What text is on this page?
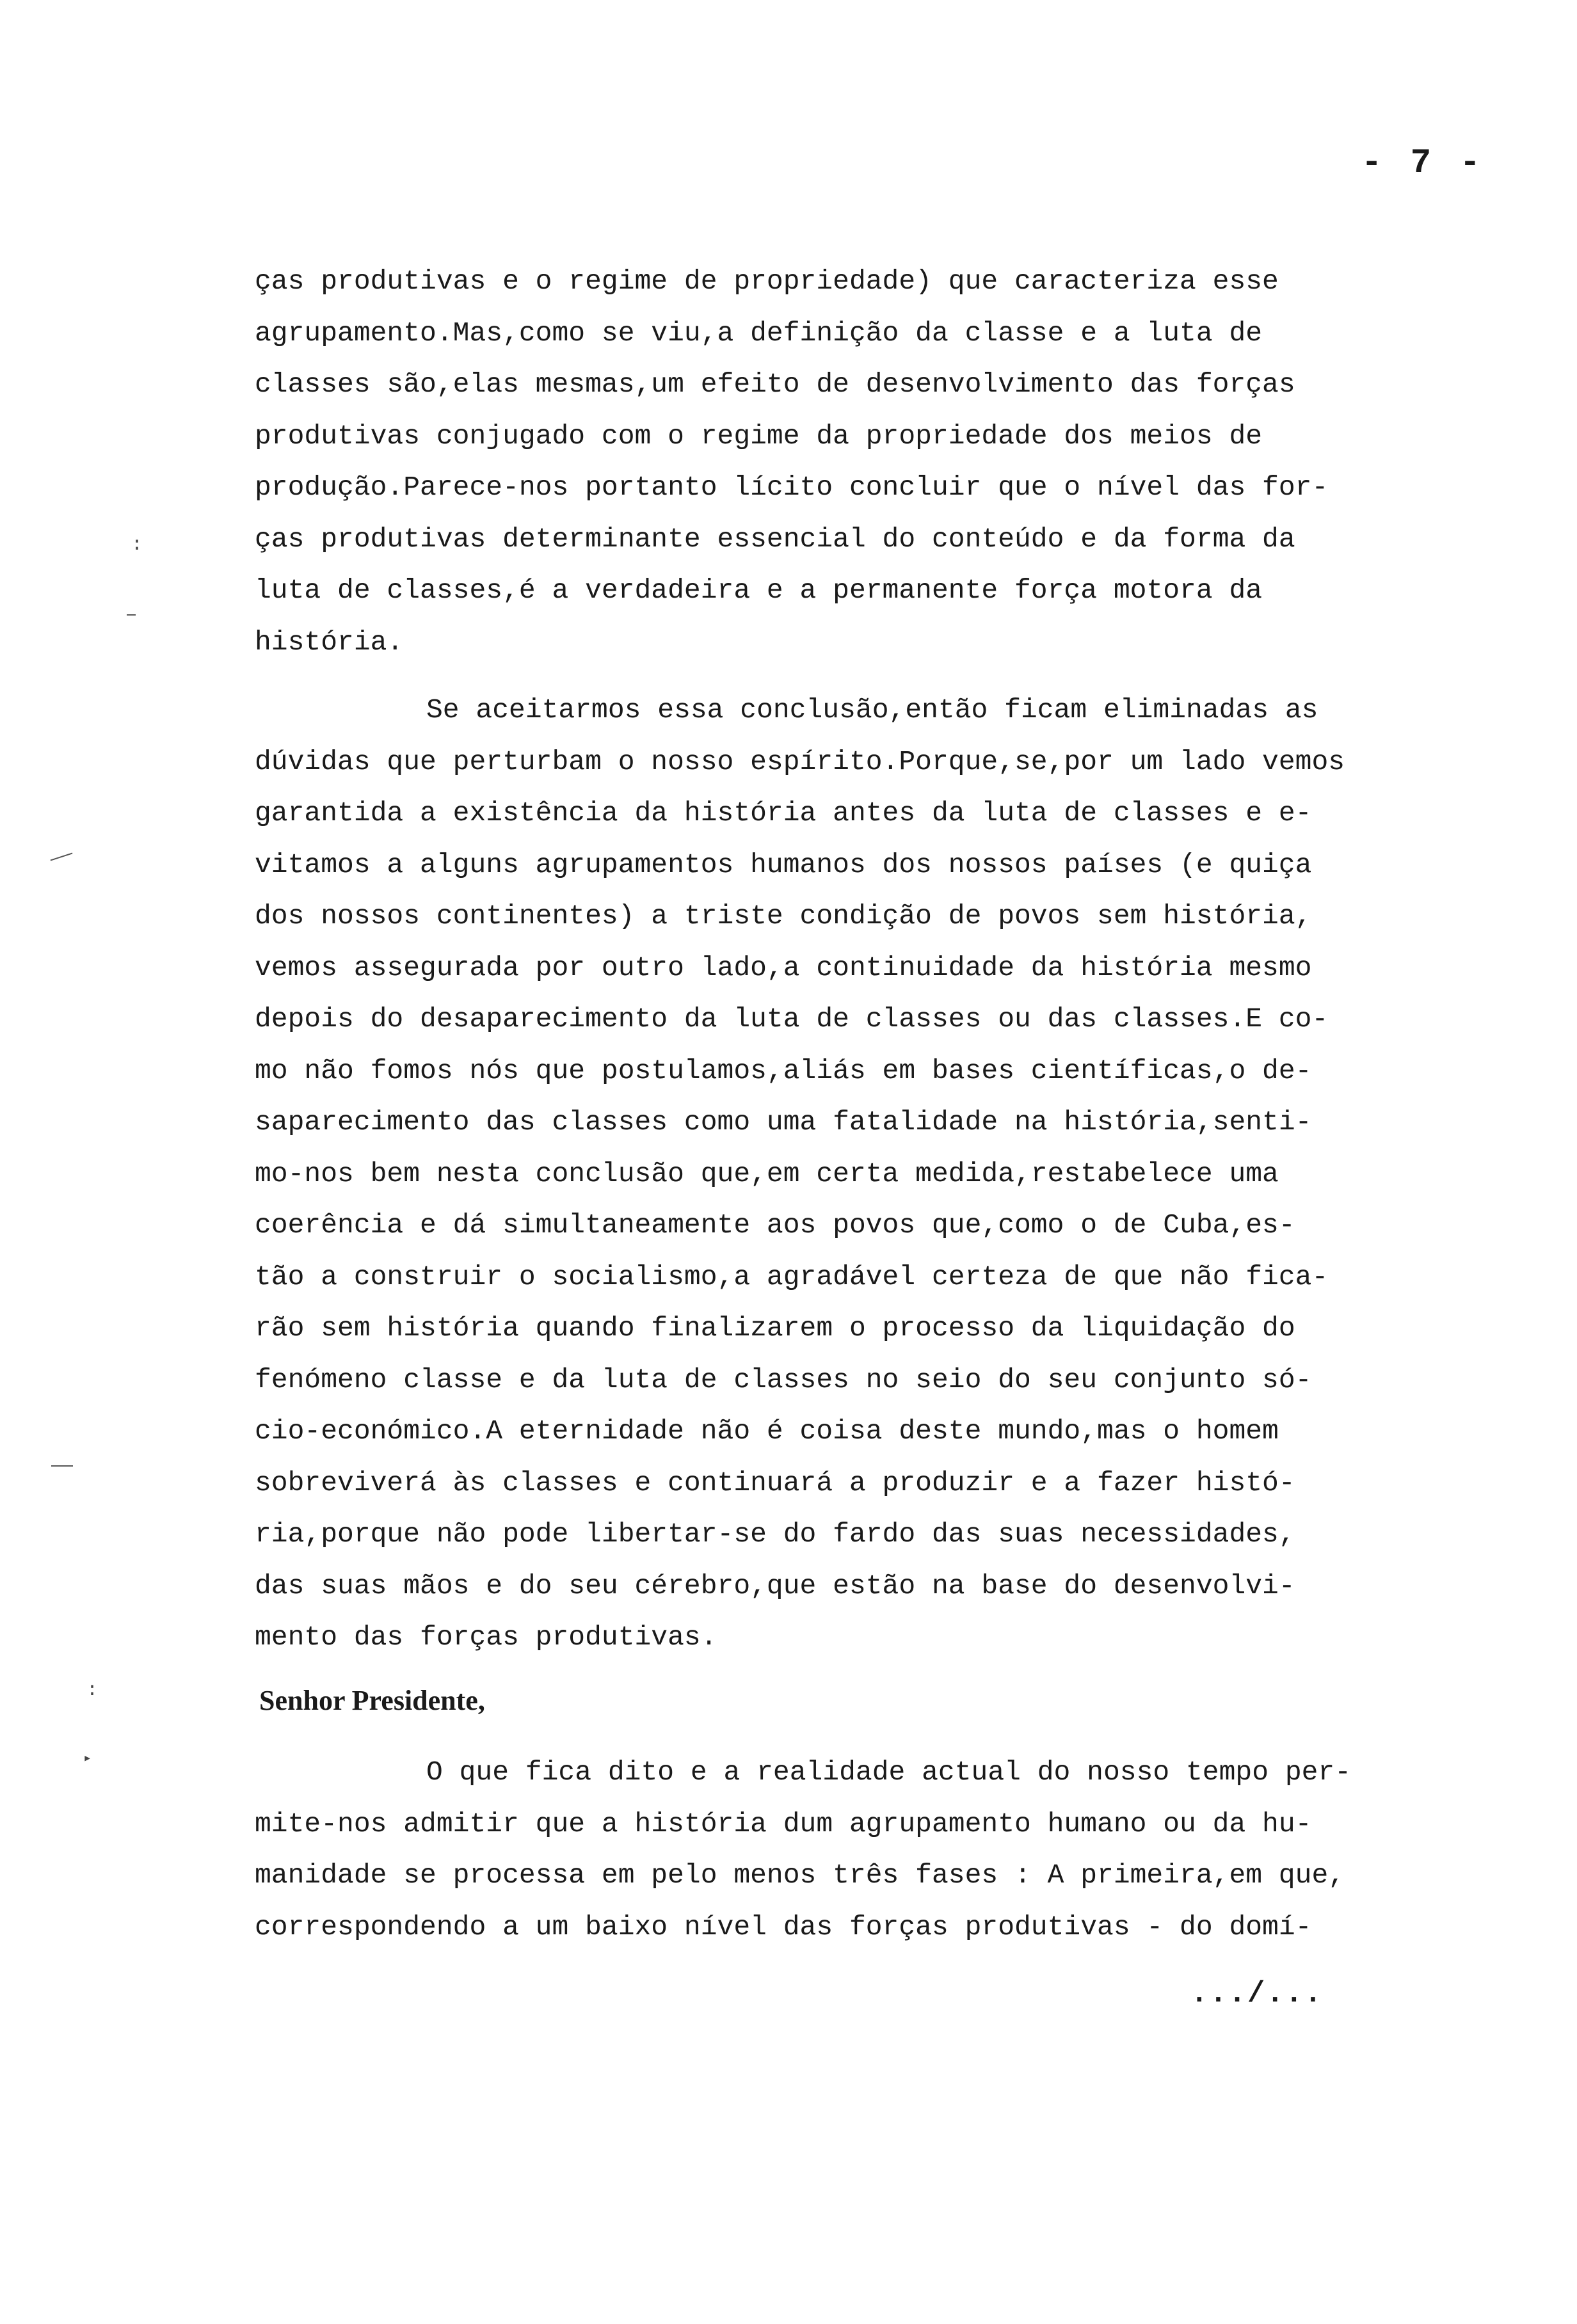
- 7 -
ças produtivas e o regime de propriedade) que caracteriza esse
agrupamento.Mas,como se viu,a definição da classe e a luta de
classes são,elas mesmas,um efeito de desenvolvimento das forças
produtivas conjugado com o regime da propriedade dos meios de
produção.Parece-nos portanto lícito concluir que o nível das for-
ças produtivas determinante essencial do conteúdo e da forma da
luta de classes,é a verdadeira e a permanente força motora da
história.
Se aceitarmos essa conclusão,então ficam eliminadas as
dúvidas que perturbam o nosso espírito.Porque,se,por um lado vemos
garantida a existência da história antes da luta de classes e e-
vitamos a alguns agrupamentos humanos dos nossos países (e quiça
dos nossos continentes) a triste condição de povos sem história,
vemos assegurada por outro lado,a continuidade da história mesmo
depois do desaparecimento da luta de classes ou das classes.E co-
mo não fomos nós que postulamos,aliás em bases científicas,o de-
saparecimento das classes como uma fatalidade na história,senti-
mo-nos bem nesta conclusão que,em certa medida,restabelece uma
coerência e dá simultaneamente aos povos que,como o de Cuba,es-
tão a construir o socialismo,a agradável certeza de que não fica-
rão sem história quando finalizarem o processo da liquidação do
fenómeno classe e da luta de classes no seio do seu conjunto só-
cio-económico.A eternidade não é coisa deste mundo,mas o homem
sobreviverá às classes e continuará a produzir e a fazer histó-
ria,porque não pode libertar-se do fardo das suas necessidades,
das suas mãos e do seu cérebro,que estão na base do desenvolvi-
mento das forças produtivas.
Senhor Presidente,
O que fica dito e a realidade actual do nosso tempo per-
mite-nos admitir que a história dum agrupamento humano ou da hu-
manidade se processa em pelo menos três fases : A primeira,em que,
correspondendo a um baixo nível das forças produtivas - do domí-
.../...
:
:
▸
